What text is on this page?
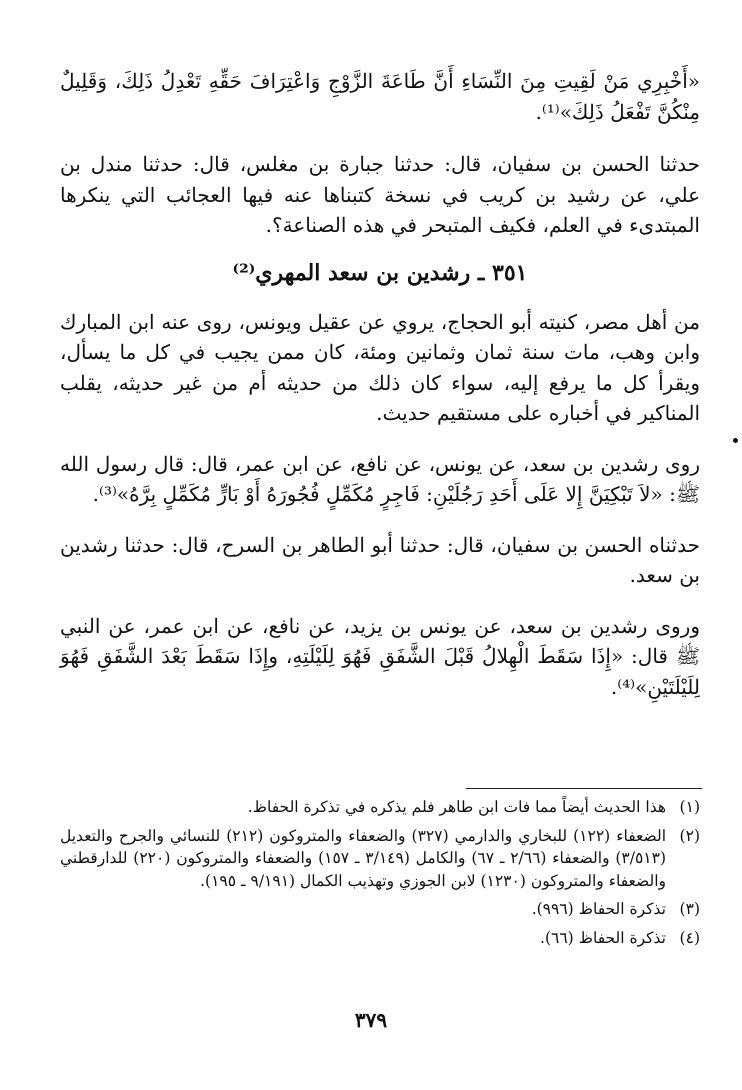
«أَخْبِرِي مَنْ لَقِيتِ مِنَ النِّسَاءِ أَنَّ طَاعَةَ الزَّوْجِ وَاعْتِرَافَ حَقِّهِ تَعْدِلُ ذَلِكَ، وَقَلِيلٌ مِنْكُنَّ تَفْعَلُ ذَلِكَ»⁽¹⁾.

حدثنا الحسن بن سفيان، قال: حدثنا جبارة بن مغلس، قال: حدثنا مندل بن علي، عن رشيد بن كريب في نسخة كتبناها عنه فيها العجائب التي ينكرها المبتدىء في العلم، فكيف المتبحر في هذه الصناعة؟.

٣٥١ ـ رشدين بن سعد المهري⁽²⁾

من أهل مصر، كنيته أبو الحجاج، يروي عن عقيل ويونس، روى عنه ابن المبارك وابن وهب، مات سنة ثمان وثمانين ومئة، كان ممن يجيب في كل ما يسأل، ويقرأ كل ما يرفع إليه، سواء كان ذلك من حديثه أم من غير حديثه، يقلب المناكير في أخباره على مستقيم حديث.

روى رشدين بن سعد، عن يونس، عن نافع، عن ابن عمر، قال: قال رسول الله ﷺ: «لاَ تَبْكِيَنَّ إِلا عَلَى أَحَدِ رَجُلَيْنِ: فَاجِرٍ مُكَمِّلٍ فُجُورَهُ أَوْ بَارٍّ مُكَمِّلٍ بِرَّهُ»⁽³⁾.

حدثناه الحسن بن سفيان، قال: حدثنا أبو الطاهر بن السرح، قال: حدثنا رشدين بن سعد.

وروى رشدين بن سعد، عن يونس بن يزيد، عن نافع، عن ابن عمر، عن النبي ﷺ قال: «إِذَا سَقَطَ الْهِلالُ قَبْلَ الشَّفَقِ فَهُوَ لِلَيْلَتِهِ، وإِذَا سَقَطَ بَعْدَ الشَّفَقِ فَهُوَ لِلَيْلَتَيْنِ»⁽⁴⁾.

(١)
هذا الحديث أيضاً مما فات ابن طاهر فلم يذكره في تذكرة الحفاظ.
(٢)
الضعفاء (١٢٢) للبخاري والدارمي (٣٢٧) والضعفاء والمتروكون (٢١٢) للنسائي والجرح والتعديل (٣/٥١٣) والضعفاء (٢/٦٦ ـ ٦٧) والكامل (٣/١٤٩ ـ ١٥٧) والضعفاء والمتروكون (٢٢٠) للدارقطني والضعفاء والمتروكون (١٢٣٠) لابن الجوزي وتهذيب الكمال (٩/١٩١ ـ ١٩٥).
(٣)
تذكرة الحفاظ (٩٩٦).
(٤)
تذكرة الحفاظ (٦٦).
٣٧٩
